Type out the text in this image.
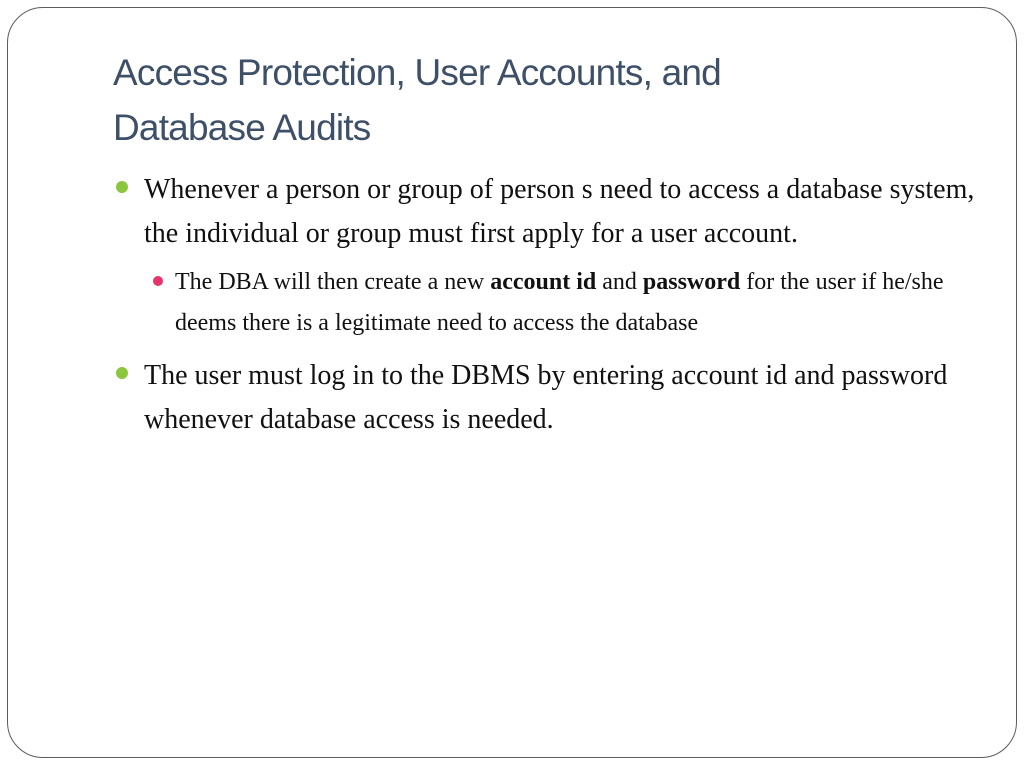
Access Protection, User Accounts, and
Database Audits
Whenever a person or group of person s need to access a database system, the individual or group must first apply for a user account.
The DBA will then create a new account id and password for the user if he/she deems there is a legitimate need to access the database
The user must log in to the DBMS by entering account id and password whenever database access is needed.
